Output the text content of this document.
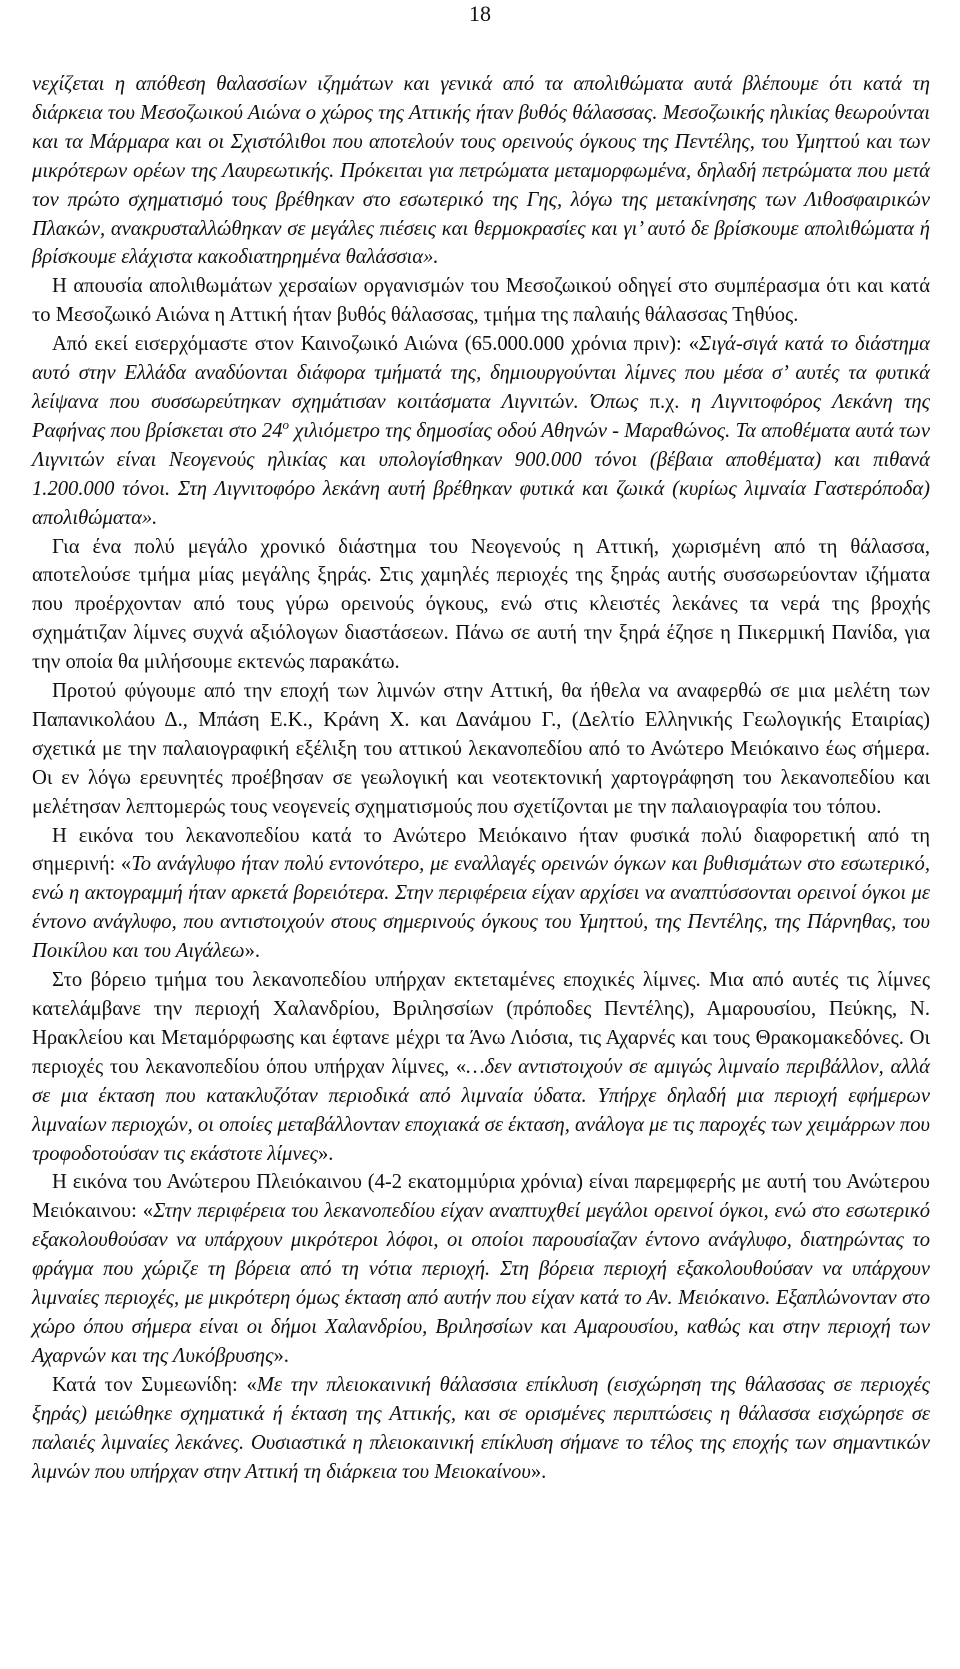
18

νεχίζεται η απόθεση θαλασσίων ιζημάτων και γενικά από τα απολιθώματα αυτά βλέπουμε ότι κατά τη διάρκεια του Μεσοζωικού Αιώνα ο χώρος της Αττικής ήταν βυθός θάλασσας. Μεσοζωικής ηλικίας θεωρούνται και τα Μάρμαρα και οι Σχιστόλιθοι που αποτελούν τους ορεινούς όγκους της Πεντέλης, του Υμηττού και των μικρότερων ορέων της Λαυρεωτικής. Πρόκειται για πετρώματα μεταμορφωμένα, δηλαδή πετρώματα που μετά τον πρώτο σχηματισμό τους βρέθηκαν στο εσωτερικό της Γης, λόγω της μετακίνησης των Λιθοσφαιρικών Πλακών, ανακρυσταλλώθηκαν σε μεγάλες πιέσεις και θερμοκρασίες και γι’ αυτό δε βρίσκουμε απολιθώματα ή βρίσκουμε ελάχιστα κακοδιατηρημένα θαλάσσια».

Η απουσία απολιθωμάτων χερσαίων οργανισμών του Μεσοζωικού οδηγεί στο συμπέρασμα ότι και κατά το Μεσοζωικό Αιώνα η Αττική ήταν βυθός θάλασσας, τμήμα της παλαιής θάλασσας Τηθύος.

Από εκεί εισερχόμαστε στον Καινοζωικό Αιώνα (65.000.000 χρόνια πριν): «Σιγά-σιγά κατά το διάστημα αυτό στην Ελλάδα αναδύονται διάφορα τμήματά της, δημιουργούνται λίμνες που μέσα σ’ αυτές τα φυτικά λείψανα που συσσωρεύτηκαν σχημάτισαν κοιτάσματα Λιγνιτών. Όπως π.χ. η Λιγνιτοφόρος Λεκάνη της Ραφήνας που βρίσκεται στο $24^o$ χιλιόμετρο της δημοσίας οδού Αθηνών - Μαραθώνος. Τα αποθέματα αυτά των Λιγνιτών είναι Νεογενούς ηλικίας και υπολογίσθηκαν 900.000 τόνοι (βέβαια αποθέματα) και πιθανά 1.200.000 τόνοι. Στη Λιγνιτοφόρο λεκάνη αυτή βρέθηκαν φυτικά και ζωικά (κυρίως λιμναία Γαστερόποδα) απολιθώματα».

Για ένα πολύ μεγάλο χρονικό διάστημα του Νεογενούς η Αττική, χωρισμένη από τη θάλασσα, αποτελούσε τμήμα μίας μεγάλης ξηράς. Στις χαμηλές περιοχές της ξηράς αυτής συσσωρεύονταν ιζήματα που προέρχονταν από τους γύρω ορεινούς όγκους, ενώ στις κλειστές λεκάνες τα νερά της βροχής σχημάτιζαν λίμνες συχνά αξιόλογων διαστάσεων. Πάνω σε αυτή την ξηρά έζησε η Πικερμική Πανίδα, για την οποία θα μιλήσουμε εκτενώς παρακάτω.

Προτού φύγουμε από την εποχή των λιμνών στην Αττική, θα ήθελα να αναφερθώ σε μια μελέτη των Παπανικολάου Δ., Μπάση Ε.Κ., Κράνη Χ. και Δανάμου Γ., (Δελτίο Ελληνικής Γεωλογικής Εταιρίας) σχετικά με την παλαιογραφική εξέλιξη του αττικού λεκανοπεδίου από το Ανώτερο Μειόκαινο έως σήμερα. Οι εν λόγω ερευνητές προέβησαν σε γεωλογική και νεοτεκτονική χαρτογράφηση του λεκανοπεδίου και μελέτησαν λεπτομερώς τους νεογενείς σχηματισμούς που σχετίζονται με την παλαιογραφία του τόπου.

Η εικόνα του λεκανοπεδίου κατά το Ανώτερο Μειόκαινο ήταν φυσικά πολύ διαφορετική από τη σημερινή: «Το ανάγλυφο ήταν πολύ εντονότερο, με εναλλαγές ορεινών όγκων και βυθισμάτων στο εσωτερικό, ενώ η ακτογραμμή ήταν αρκετά βορειότερα. Στην περιφέρεια είχαν αρχίσει να αναπτύσσονται ορεινοί όγκοι με έντονο ανάγλυφο, που αντιστοιχούν στους σημερινούς όγκους του Υμηττού, της Πεντέλης, της Πάρνηθας, του Ποικίλου και του Αιγάλεω».

Στο βόρειο τμήμα του λεκανοπεδίου υπήρχαν εκτεταμένες εποχικές λίμνες. Μια από αυτές τις λίμνες κατελάμβανε την περιοχή Χαλανδρίου, Βριλησσίων (πρόποδες Πεντέλης), Αμαρουσίου, Πεύκης, Ν. Ηρακλείου και Μεταμόρφωσης και έφτανε μέχρι τα Άνω Λιόσια, τις Αχαρνές και τους Θρακομακεδόνες. Οι περιοχές του λεκανοπεδίου όπου υπήρχαν λίμνες, «…δεν αντιστοιχούν σε αμιγώς λιμναίο περιβάλλον, αλλά σε μια έκταση που κατακλυζόταν περιοδικά από λιμναία ύδατα. Υπήρχε δηλαδή μια περιοχή εφήμερων λιμναίων περιοχών, οι οποίες μεταβάλλονταν εποχιακά σε έκταση, ανάλογα με τις παροχές των χειμάρρων που τροφοδοτούσαν τις εκάστοτε λίμνες».

Η εικόνα του Ανώτερου Πλειόκαινου (4-2 εκατομμύρια χρόνια) είναι παρεμφερής με αυτή του Ανώτερου Μειόκαινου: «Στην περιφέρεια του λεκανοπεδίου είχαν αναπτυχθεί μεγάλοι ορεινοί όγκοι, ενώ στο εσωτερικό εξακολουθούσαν να υπάρχουν μικρότεροι λόφοι, οι οποίοι παρουσίαζαν έντονο ανάγλυφο, διατηρώντας το φράγμα που χώριζε τη βόρεια από τη νότια περιοχή. Στη βόρεια περιοχή εξακολουθούσαν να υπάρχουν λιμναίες περιοχές, με μικρότερη όμως έκταση από αυτήν που είχαν κατά το Αν. Μειόκαινο. Εξαπλώνονταν στο χώρο όπου σήμερα είναι οι δήμοι Χαλανδρίου, Βριλησσίων και Αμαρουσίου, καθώς και στην περιοχή των Αχαρνών και της Λυκόβρυσης».

Κατά τον Συμεωνίδη: «Με την πλειοκαινική θάλασσια επίκλυση (εισχώρηση της θάλασσας σε περιοχές ξηράς) μειώθηκε σχηματικά ή έκταση της Αττικής, και σε ορισμένες περιπτώσεις η θάλασσα εισχώρησε σε παλαιές λιμναίες λεκάνες. Ουσιαστικά η πλειοκαινική επίκλυση σήμανε το τέλος της εποχής των σημαντικών λιμνών που υπήρχαν στην Αττική τη διάρκεια του Μειοκαίνου».
